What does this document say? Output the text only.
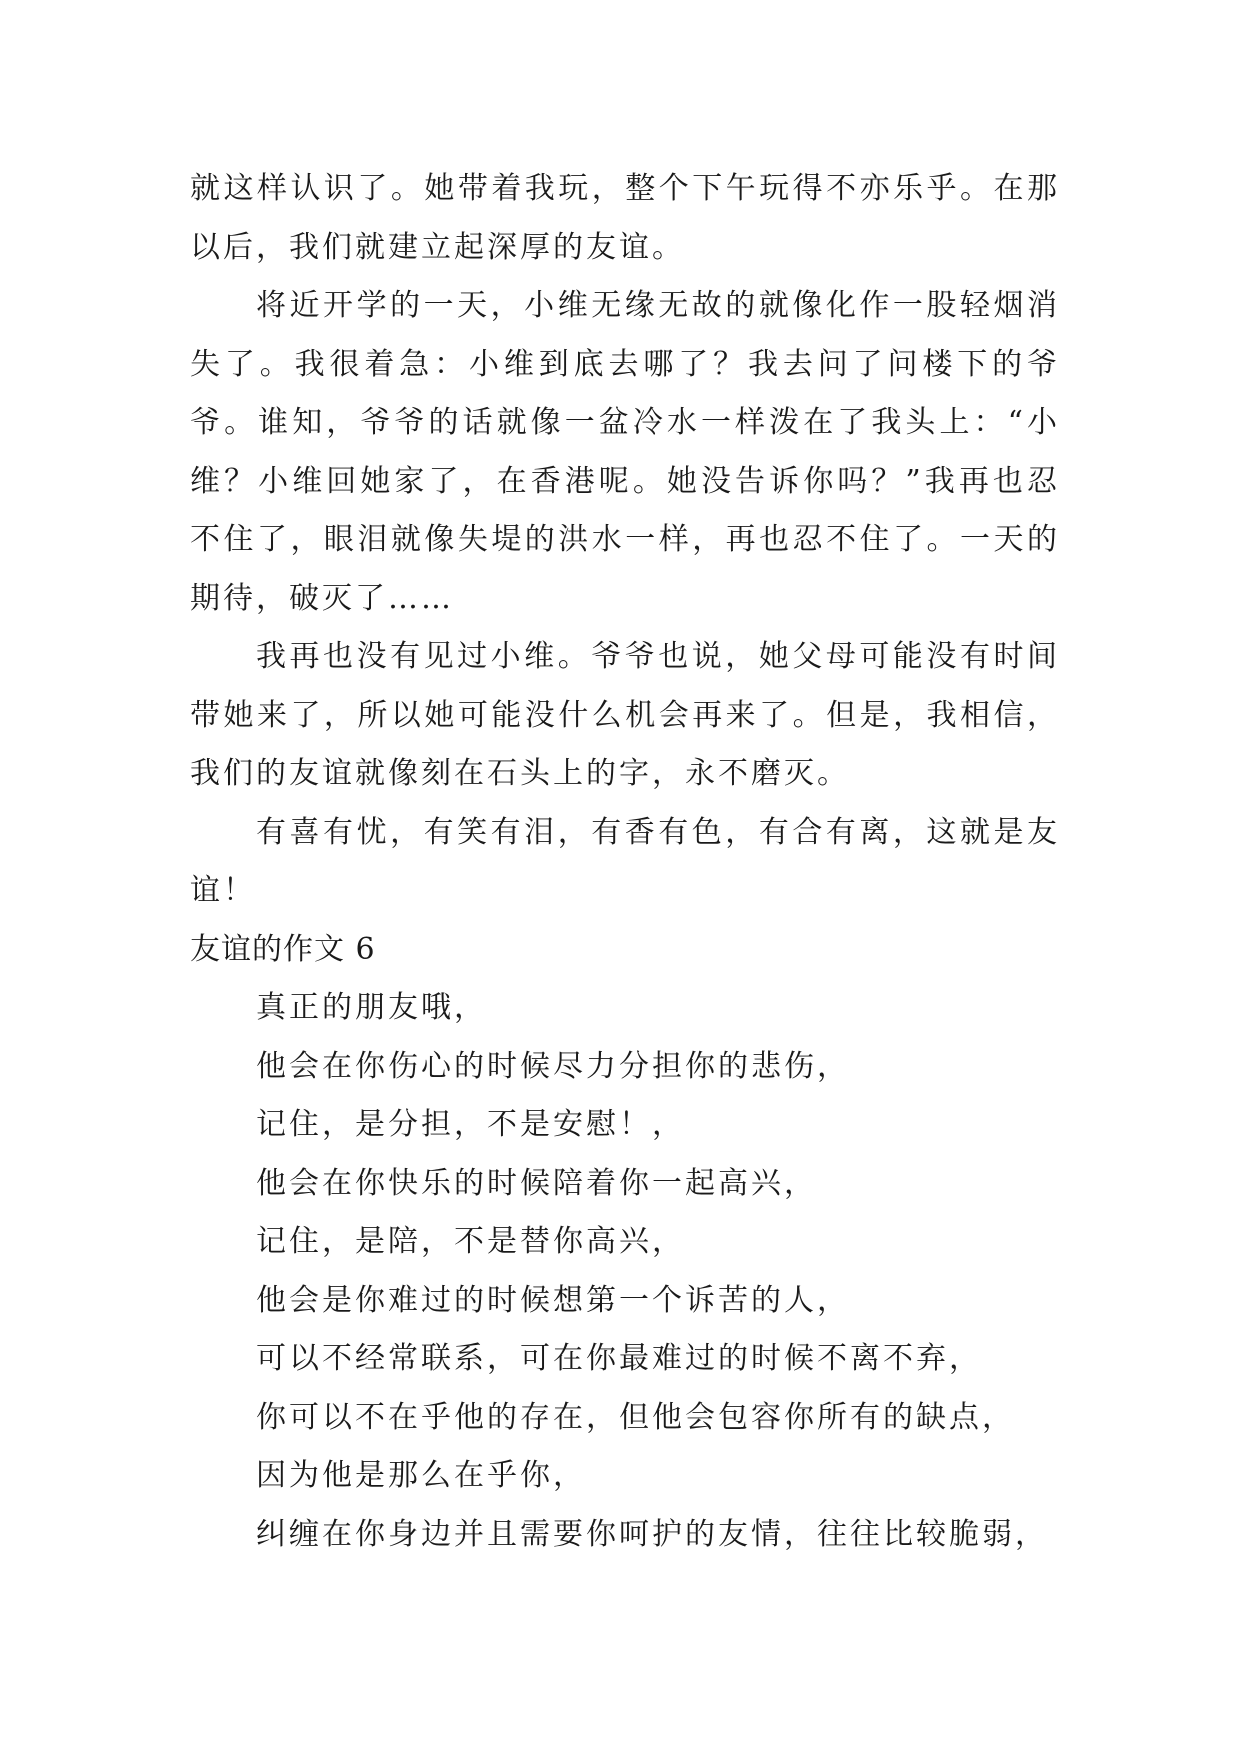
就这样认识了。她带着我玩，整个下午玩得不亦乐乎。在那以后，我们就建立起深厚的友谊。

将近开学的一天，小维无缘无故的就像化作一股轻烟消失了。我很着急：小维到底去哪了？我去问了问楼下的爷爷。谁知，爷爷的话就像一盆冷水一样泼在了我头上：“小维？小维回她家了，在香港呢。她没告诉你吗？”我再也忍不住了，眼泪就像失堤的洪水一样，再也忍不住了。一天的期待，破灭了……

我再也没有见过小维。爷爷也说，她父母可能没有时间带她来了，所以她可能没什么机会再来了。但是，我相信，我们的友谊就像刻在石头上的字，永不磨灭。

有喜有忧，有笑有泪，有香有色，有合有离，这就是友谊！

友谊的作文 6

真正的朋友哦，

他会在你伤心的时候尽力分担你的悲伤，

记住，是分担，不是安慰！，

他会在你快乐的时候陪着你一起高兴，

记住，是陪，不是替你高兴，

他会是你难过的时候想第一个诉苦的人，

可以不经常联系，可在你最难过的时候不离不弃，

你可以不在乎他的存在，但他会包容你所有的缺点，

因为他是那么在乎你，

纠缠在你身边并且需要你呵护的友情，往往比较脆弱，
